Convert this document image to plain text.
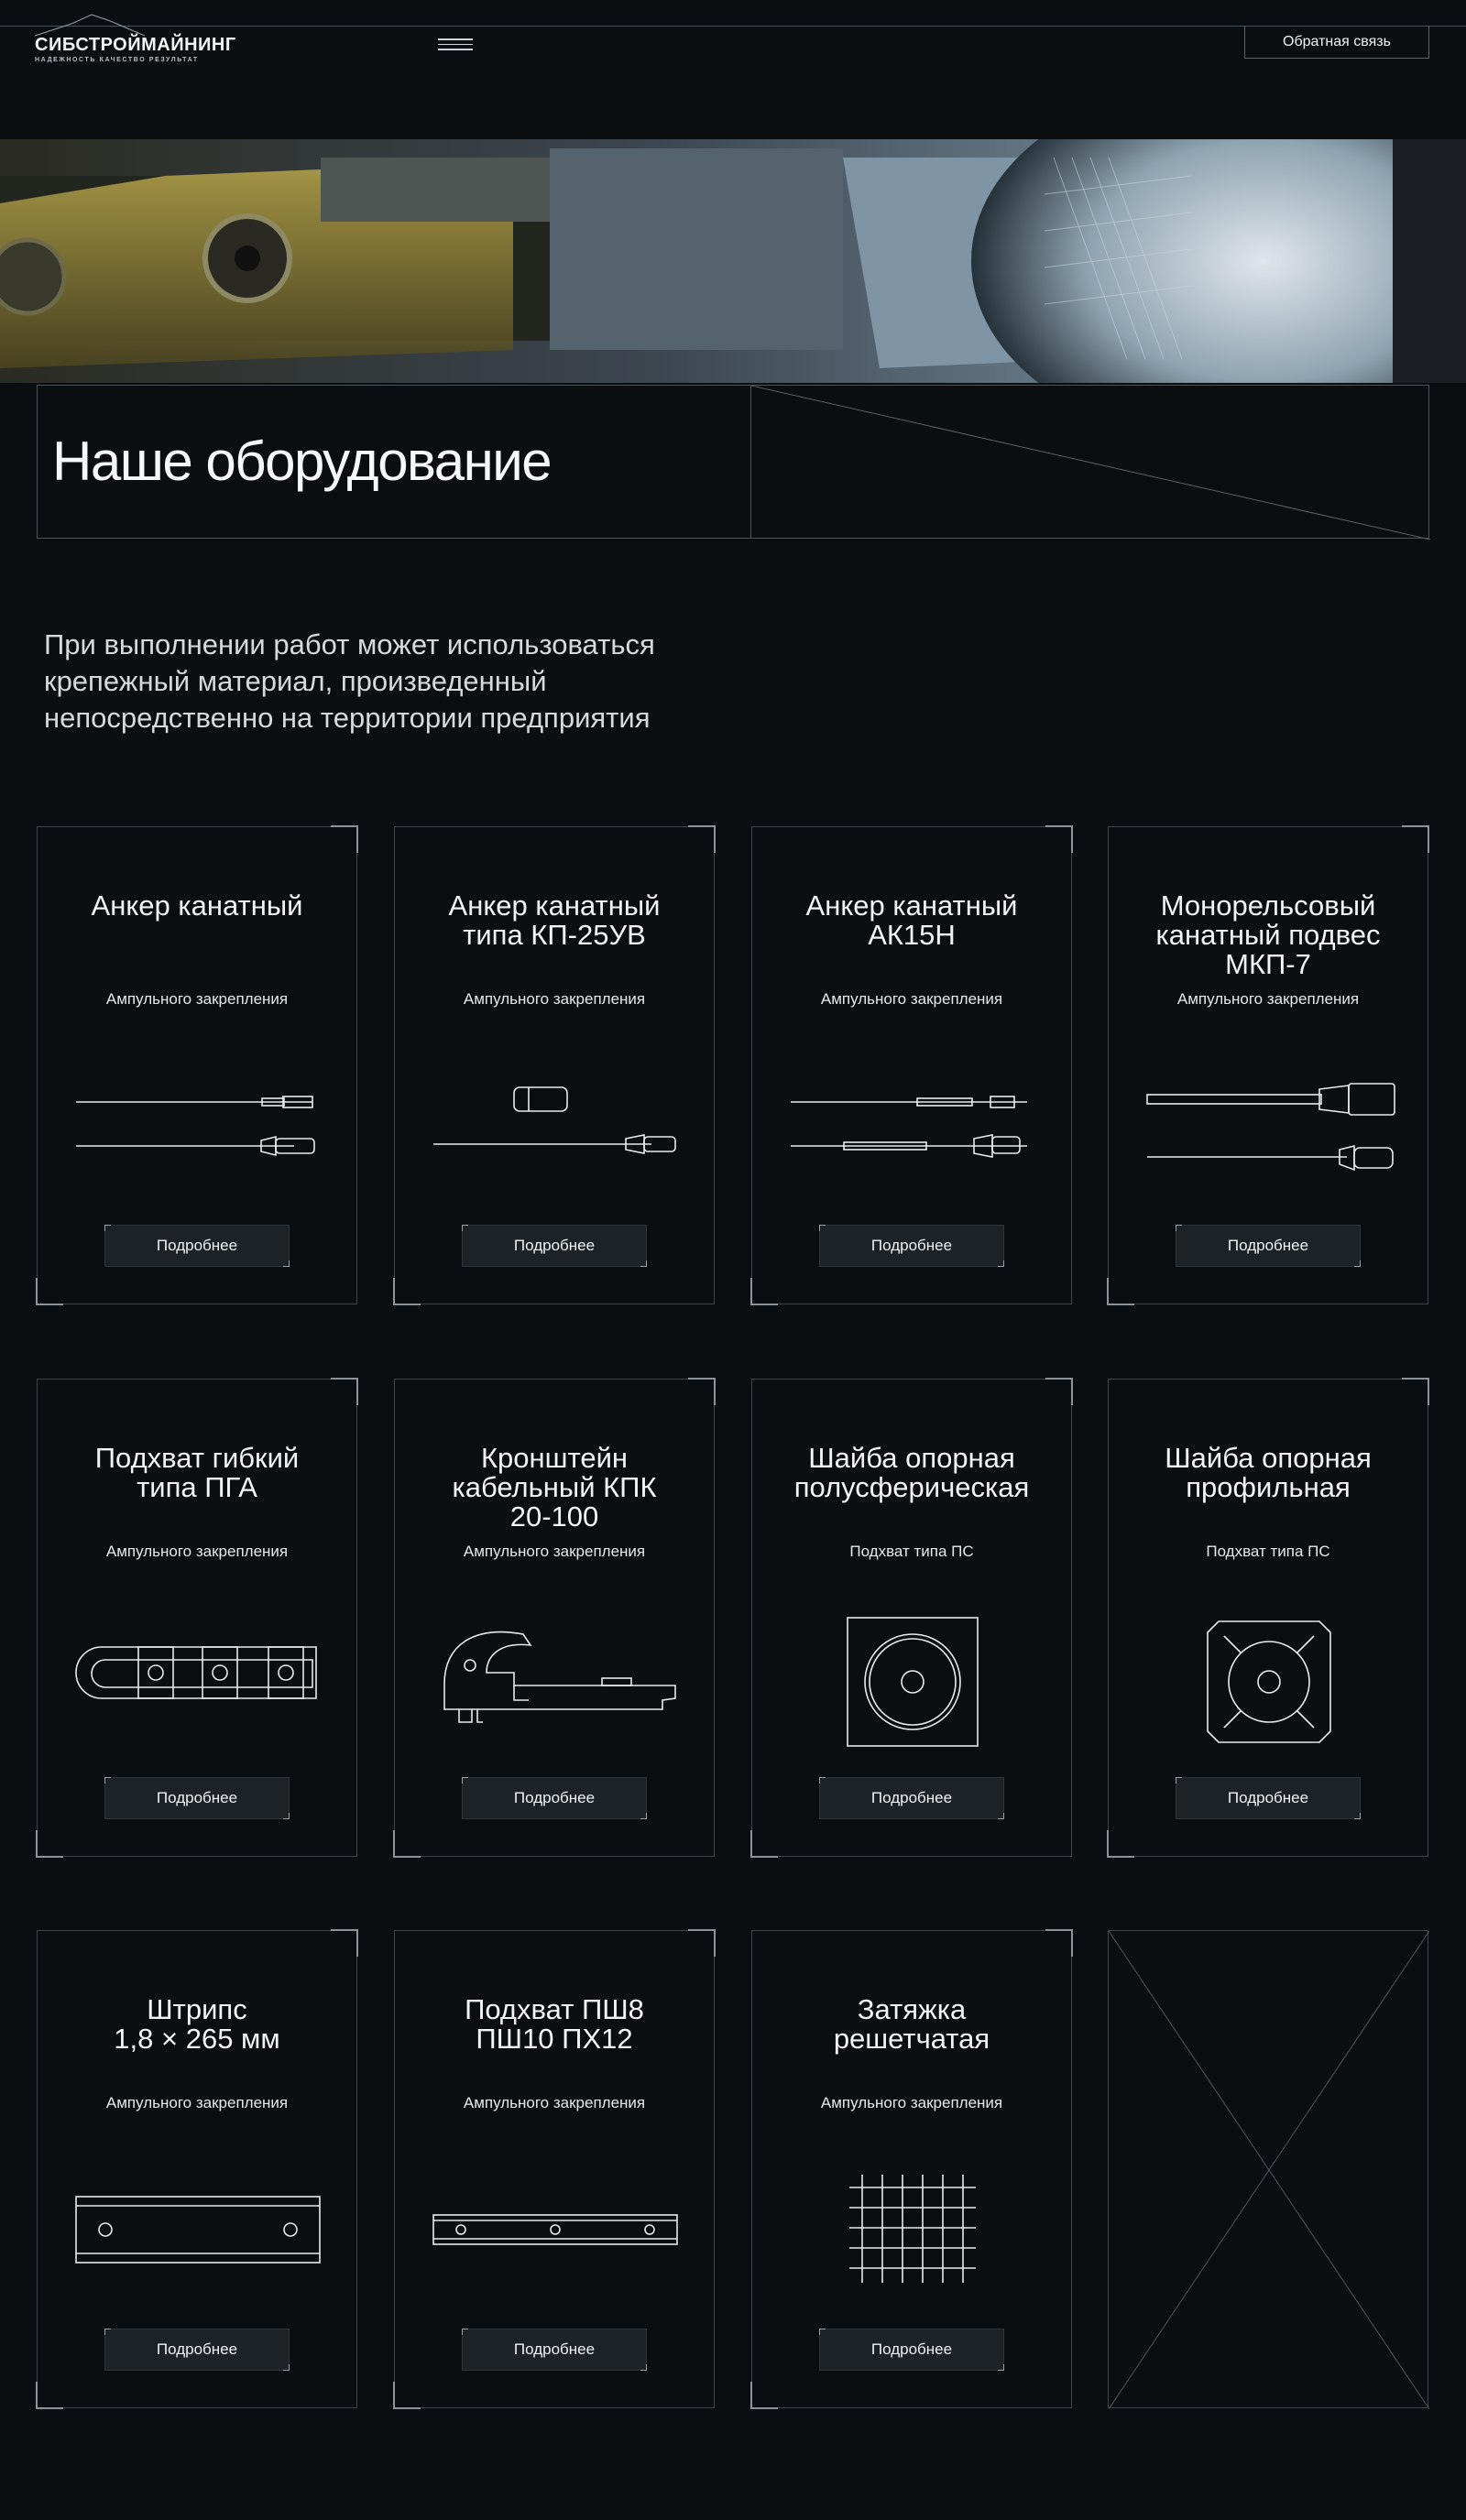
СИБСТРОЙМАЙНИНГ
НАДЕЖНОСТЬ КАЧЕСТВО РЕЗУЛЬТАТ
Обратная связь
Наше оборудование
При выполнении работ может использоваться крепежный материал, произведенный непосредственно на территории предприятия
Анкер канатный
Ампульного закрепления
Подробнее
Анкер канатный
типа КП-25УВ
Ампульного закрепления
Подробнее
Анкер канатный
АК15Н
Ампульного закрепления
Подробнее
Монорельсовый
канатный подвес
МКП-7
Ампульного закрепления
Подробнее
Подхват гибкий
типа ПГА
Ампульного закрепления
Подробнее
Кронштейн
кабельный КПК
20-100
Ампульного закрепления
Подробнее
Шайба опорная
полусферическая
Подхват типа ПС
Подробнее
Шайба опорная
профильная
Подхват типа ПС
Подробнее
Штрипс
1,8 × 265 мм
Ампульного закрепления
Подробнее
Подхват ПШ8
ПШ10 ПХ12
Ампульного закрепления
Подробнее
Затяжка
решетчатая
Ампульного закрепления
Подробнее
